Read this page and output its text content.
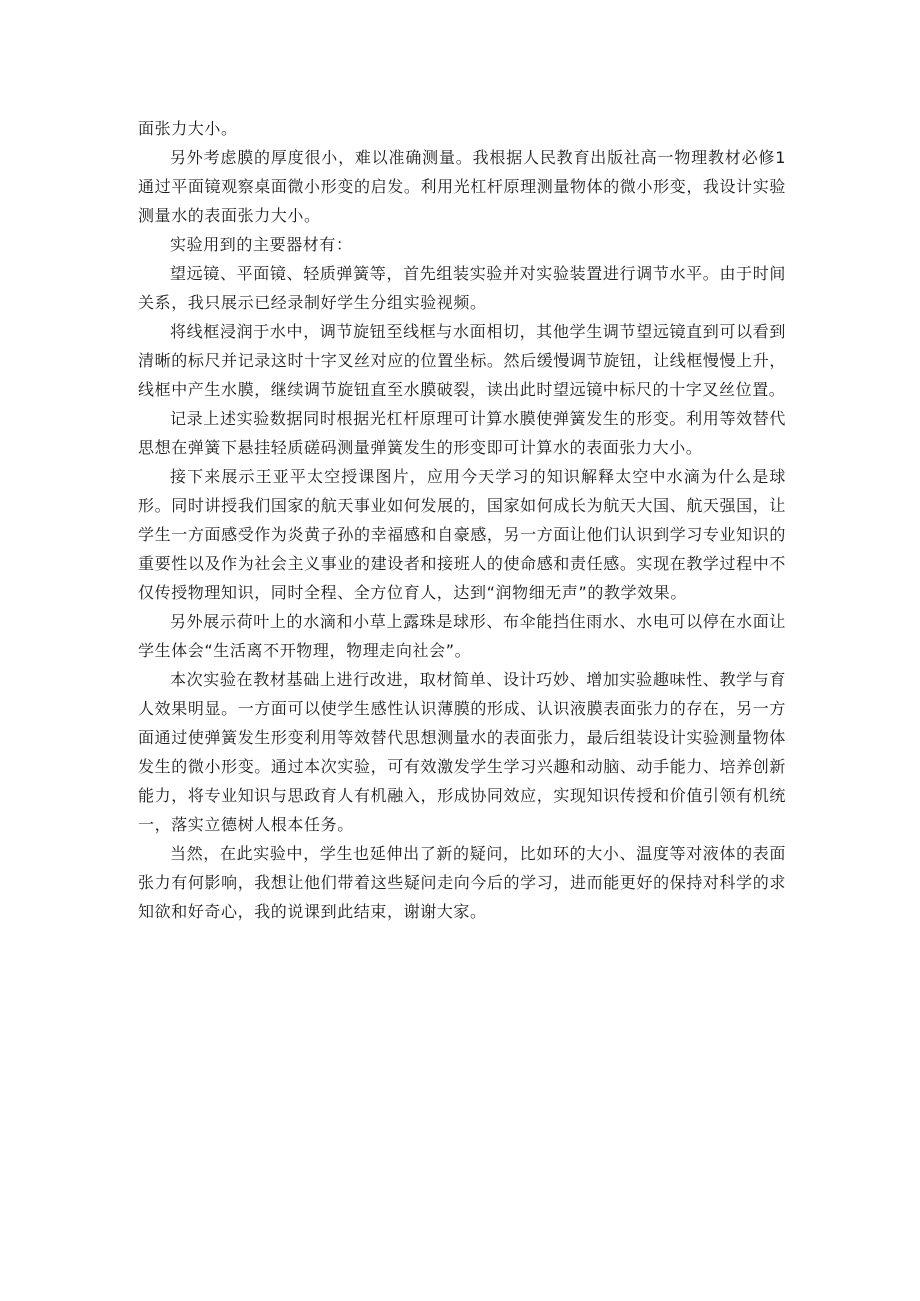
面张力大小。

另外考虑膜的厚度很小，难以准确测量。我根据人民教育出版社高一物理教材必修1通过平面镜观察桌面微小形变的启发。利用光杠杆原理测量物体的微小形变，我设计实验测量水的表面张力大小。

实验用到的主要器材有：

望远镜、平面镜、轻质弹簧等，首先组装实验并对实验装置进行调节水平。由于时间关系，我只展示已经录制好学生分组实验视频。

将线框浸润于水中，调节旋钮至线框与水面相切，其他学生调节望远镜直到可以看到清晰的标尺并记录这时十字叉丝对应的位置坐标。然后缓慢调节旋钮，让线框慢慢上升，线框中产生水膜，继续调节旋钮直至水膜破裂，读出此时望远镜中标尺的十字叉丝位置。

记录上述实验数据同时根据光杠杆原理可计算水膜使弹簧发生的形变。利用等效替代思想在弹簧下悬挂轻质磋码测量弹簧发生的形变即可计算水的表面张力大小。

接下来展示王亚平太空授课图片，应用今天学习的知识解释太空中水滴为什么是球形。同时讲授我们国家的航天事业如何发展的，国家如何成长为航天大国、航天强国，让学生一方面感受作为炎黄子孙的幸福感和自豪感，另一方面让他们认识到学习专业知识的重要性以及作为社会主义事业的建设者和接班人的使命感和责任感。实现在教学过程中不仅传授物理知识，同时全程、全方位育人，达到“润物细无声”的教学效果。

另外展示荷叶上的水滴和小草上露珠是球形、布伞能挡住雨水、水电可以停在水面让学生体会“生活离不开物理，物理走向社会”。

本次实验在教材基础上进行改进，取材简单、设计巧妙、增加实验趣味性、教学与育人效果明显。一方面可以使学生感性认识薄膜的形成、认识液膜表面张力的存在，另一方面通过使弹簧发生形变利用等效替代思想测量水的表面张力，最后组装设计实验测量物体发生的微小形变。通过本次实验，可有效激发学生学习兴趣和动脑、动手能力、培养创新能力，将专业知识与思政育人有机融入，形成协同效应，实现知识传授和价值引领有机统一，落实立德树人根本任务。

当然，在此实验中，学生也延伸出了新的疑问，比如环的大小、温度等对液体的表面张力有何影响，我想让他们带着这些疑问走向今后的学习，进而能更好的保持对科学的求知欲和好奇心，我的说课到此结束，谢谢大家。
